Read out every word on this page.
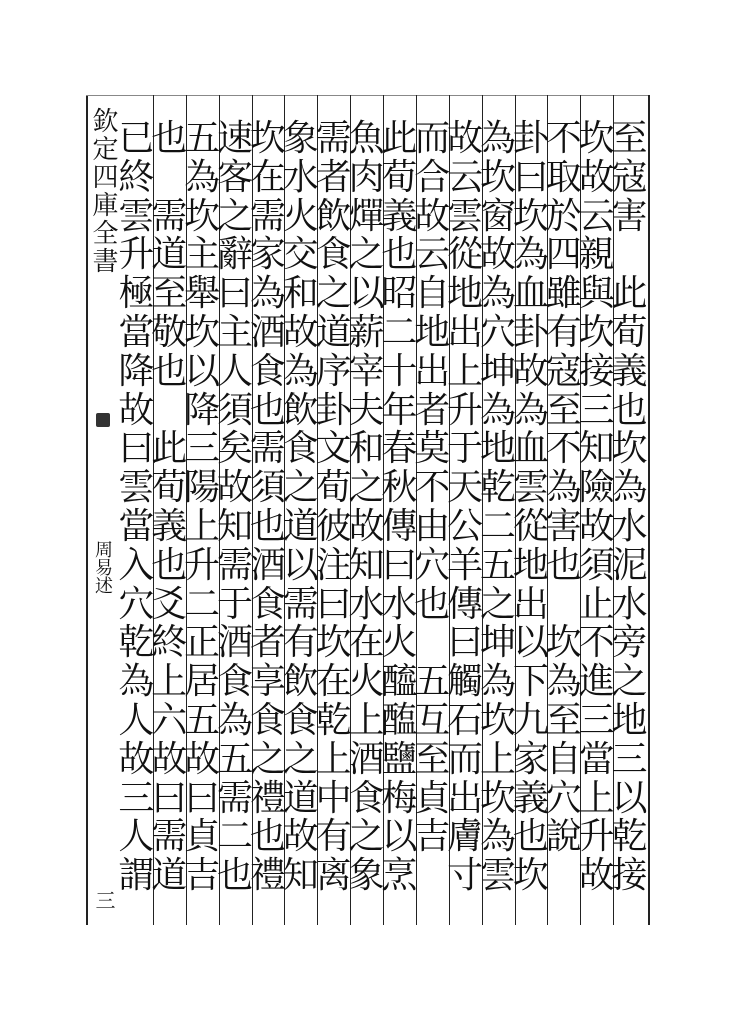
欽定四庫全書
周易述
三
至
寇
害

此
荀
義
也
坎
為
水
泥
水
旁
之
地
三
以
乾
接
坎
故
云
親
與
坎
接
三
知
險
故
須
止
不
進
三
當
上
升
故
不
取
於
四
雖
有
寇
至
不
為
害
也

坎
為
至
自
穴
說
卦
曰
坎
為
血
卦
故
為
血
雲
從
地
出
以
下
九
家
義
也
坎
為
坎
窗
故
為
穴
坤
為
地
乾
二
五
之
坤
為
坎
上
坎
為
雲
故
云
雲
從
地
出
上
升
于
天
公
羊
傳
曰
觸
石
而
出
膚
寸
而
合
故
云
自
地
出
者
莫
不
由
穴
也

五
互
至
貞
吉
此
荀
義
也
昭
二
十
年
春
秋
傳
曰
水
火
醯
醢
鹽
梅
以
烹
魚
肉
燀
之
以
薪
宰
夫
和
之
故
知
水
在
火
上
酒
食
之
象
需
者
飲
食
之
道
序
卦
文
荀
彼
注
曰
坎
在
乾
上
中
有
离
象
水
火
交
和
故
為
飲
食
之
道
以
需
有
飲
食
之
道
故
知
坎
在
需
家
為
酒
食
也
需
須
也
酒
食
者
享
食
之
禮
也
禮
速
客
之
辭
曰
主
人
須
矣
故
知
需
于
酒
食
為
五
需
二
也
五
為
坎
主
舉
坎
以
降
三
陽
上
升
二
正
居
五
故
曰
貞
吉
也

需
道
至
敬
也

此
荀
義
也
爻
終
上
六
故
曰
需
道
已
終
雲
升
極
當
降
故
曰
雲
當
入
穴
乾
為
人
故
三
人
謂
